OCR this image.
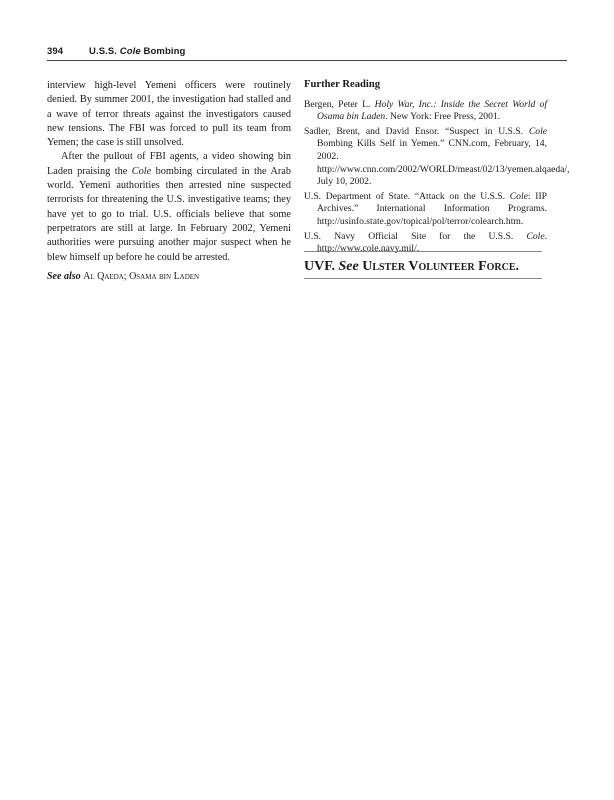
394	U.S.S. Cole Bombing

interview high-level Yemeni officers were routinely denied. By summer 2001, the investigation had stalled and a wave of terror threats against the investigators caused new tensions. The FBI was forced to pull its team from Yemen; the case is still unsolved.

After the pullout of FBI agents, a video showing bin Laden praising the Cole bombing circulated in the Arab world. Yemeni authorities then arrested nine suspected terrorists for threatening the U.S. investigative teams; they have yet to go to trial. U.S. officials believe that some perpetrators are still at large. In February 2002, Yemeni authorities were pursuing another major suspect when he blew himself up before he could be arrested.

See also Al Qaeda; Osama bin Laden

Further Reading

Bergen, Peter L. Holy War, Inc.: Inside the Secret World of Osama bin Laden. New York: Free Press, 2001.

Sadler, Brent, and David Ensor. “Suspect in U.S.S. Cole Bombing Kills Self in Yemen.” CNN.com, February, 14, 2002. http://www.cnn.com/2002/WORLD/meast/02/13/yemen.alqaeda/, July 10, 2002.

U.S. Department of State. “Attack on the U.S.S. Cole: IIP Archives.” International Information Programs. http://usinfo.state.gov/topical/pol/terror/colearch.htm.

U.S. Navy Official Site for the U.S.S. Cole. http://www.cole.navy.mil/.

UVF. See Ulster Volunteer Force.
